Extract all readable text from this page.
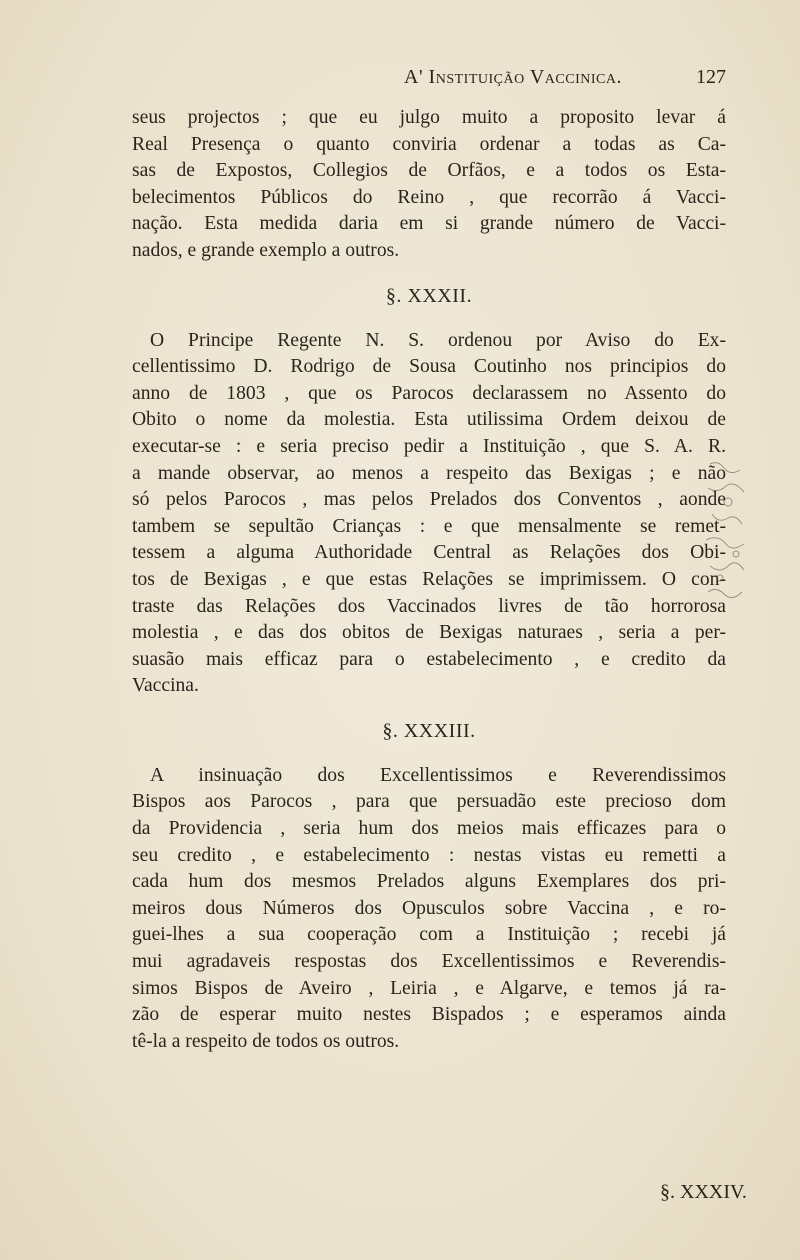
A' Instituição Vaccinica.	127

seus projectos ; que eu julgo muito a proposito levar á
Real Presença o quanto conviria ordenar a todas as Ca-
sas de Expostos, Collegios de Orfãos, e a todos os Esta-
belecimentos Públicos do Reino , que recorrão á Vacci-
nação. Esta medida daria em si grande número de Vacci-
nados, e grande exemplo a outros.

§. XXXII.

O Principe Regente N. S. ordenou por Aviso do Ex-
cellentissimo D. Rodrigo de Sousa Coutinho nos principios do
anno de 1803 , que os Parocos declarassem no Assento do
Obito o nome da molestia. Esta utilissima Ordem deixou de
executar-se : e seria preciso pedir a Instituição , que S. A. R.
a mande observar, ao menos a respeito das Bexigas ; e não
só pelos Parocos , mas pelos Prelados dos Conventos , aonde
tambem se sepultão Crianças : e que mensalmente se remet-
tessem a alguma Authoridade Central as Relações dos Obi-
tos de Bexigas , e que estas Relações se imprimissem. O con-
traste das Relações dos Vaccinados livres de tão horrorosa
molestia , e das dos obitos de Bexigas naturaes , seria a per-
suasão mais efficaz para o estabelecimento , e credito da
Vaccina.

§. XXXIII.

A insinuação dos Excellentissimos e Reverendissimos
Bispos aos Parocos , para que persuadão este precioso dom
da Providencia , seria hum dos meios mais efficazes para o
seu credito , e estabelecimento : nestas vistas eu remetti a
cada hum dos mesmos Prelados alguns Exemplares dos pri-
meiros dous Números dos Opusculos sobre Vaccina , e ro-
guei-lhes a sua cooperação com a Instituição ; recebi já
mui agradaveis respostas dos Excellentissimos e Reverendis-
simos Bispos de Aveiro , Leiria , e Algarve, e temos já ra-
zão de esperar muito nestes Bispados ; e esperamos ainda
tê-la a respeito de todos os outros.

§. XXXIV.
